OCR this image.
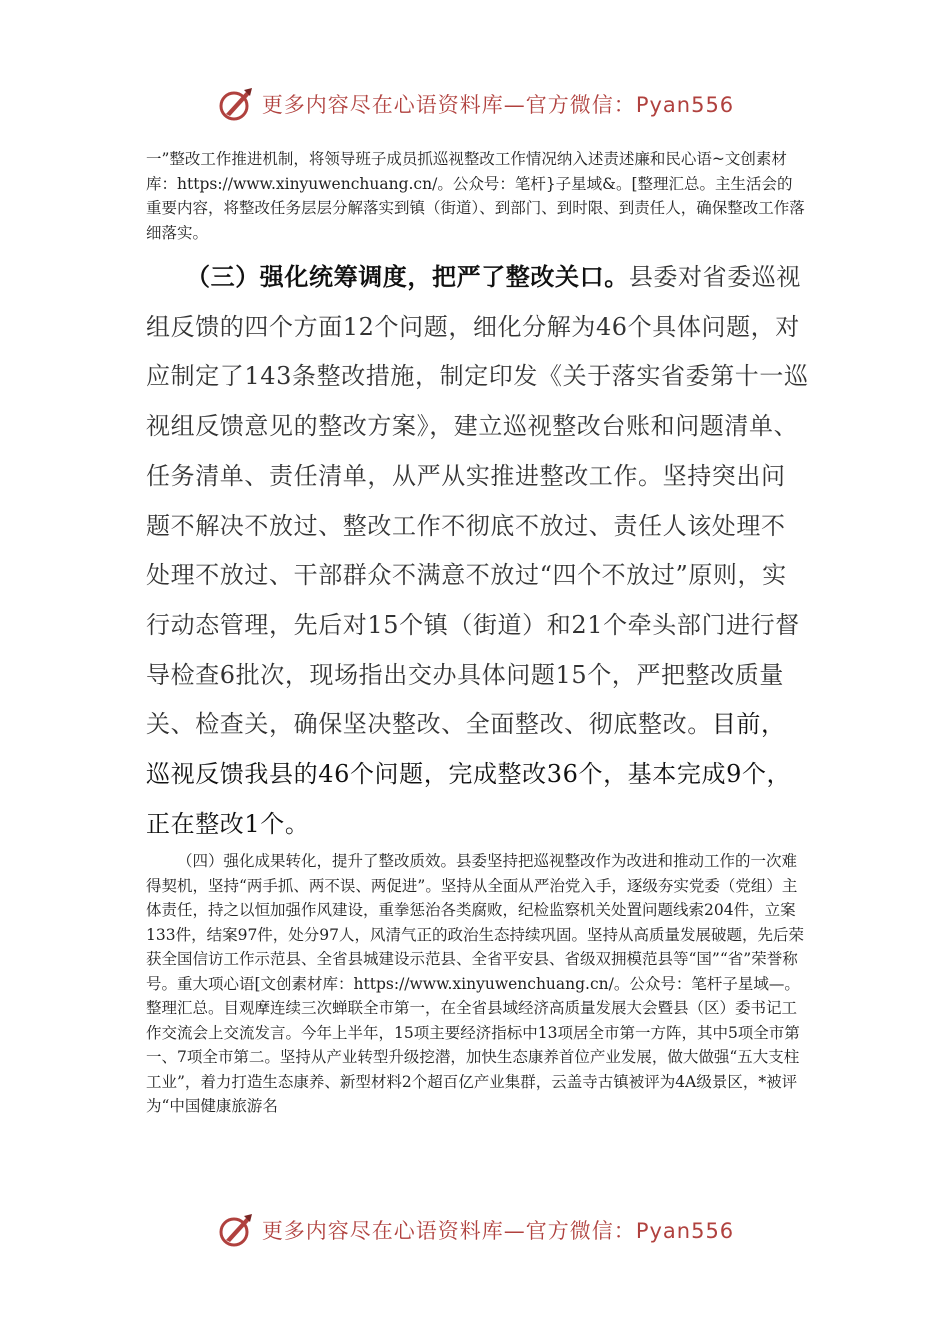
更多内容尽在心语资料库—官方微信：Pyan556

一”整改工作推进机制，将领导班子成员抓巡视整改工作情况纳入述责述廉和民心语~文创素材库：https://www.xinyuwenchuang.cn/。公众号：笔杆}子星域&。[整理汇总。主生活会的重要内容，将整改任务层层分解落实到镇（街道）、到部门、到时限、到责任人，确保整改工作落细落实。

（三）强化统筹调度，把严了整改关口。县委对省委巡视组反馈的四个方面12个问题，细化分解为46个具体问题，对应制定了143条整改措施，制定印发《关于落实省委第十一巡视组反馈意见的整改方案》，建立巡视整改台账和问题清单、任务清单、责任清单，从严从实推进整改工作。坚持突出问题不解决不放过、整改工作不彻底不放过、责任人该处理不处理不放过、干部群众不满意不放过“四个不放过”原则，实行动态管理，先后对15个镇（街道）和21个牵头部门进行督导检查6批次，现场指出交办具体问题15个，严把整改质量关、检查关，确保坚决整改、全面整改、彻底整改。目前，巡视反馈我县的46个问题，完成整改36个，基本完成9个，正在整改1个。

（四）强化成果转化，提升了整改质效。县委坚持把巡视整改作为改进和推动工作的一次难得契机，坚持“两手抓、两不误、两促进”。坚持从全面从严治党入手，逐级夯实党委（党组）主体责任，持之以恒加强作风建设，重拳惩治各类腐败，纪检监察机关处置问题线索204件，立案133件，结案97件，处分97人，风清气正的政治生态持续巩固。坚持从高质量发展破题，先后荣获全国信访工作示范县、全省县城建设示范县、全省平安县、省级双拥模范县等“国”“省”荣誉称号。重大项心语[文创素材库：https://www.xinyuwenchuang.cn/。公众号：笔杆子星域—。整理汇总。目观摩连续三次蝉联全市第一，在全省县域经济高质量发展大会暨县（区）委书记工作交流会上交流发言。今年上半年，15项主要经济指标中13项居全市第一方阵，其中5项全市第一、7项全市第二。坚持从产业转型升级挖潜，加快生态康养首位产业发展，做大做强“五大支柱工业”，着力打造生态康养、新型材料2个超百亿产业集群，云盖寺古镇被评为4A级景区，*被评为“中国健康旅游名

更多内容尽在心语资料库—官方微信：Pyan556
